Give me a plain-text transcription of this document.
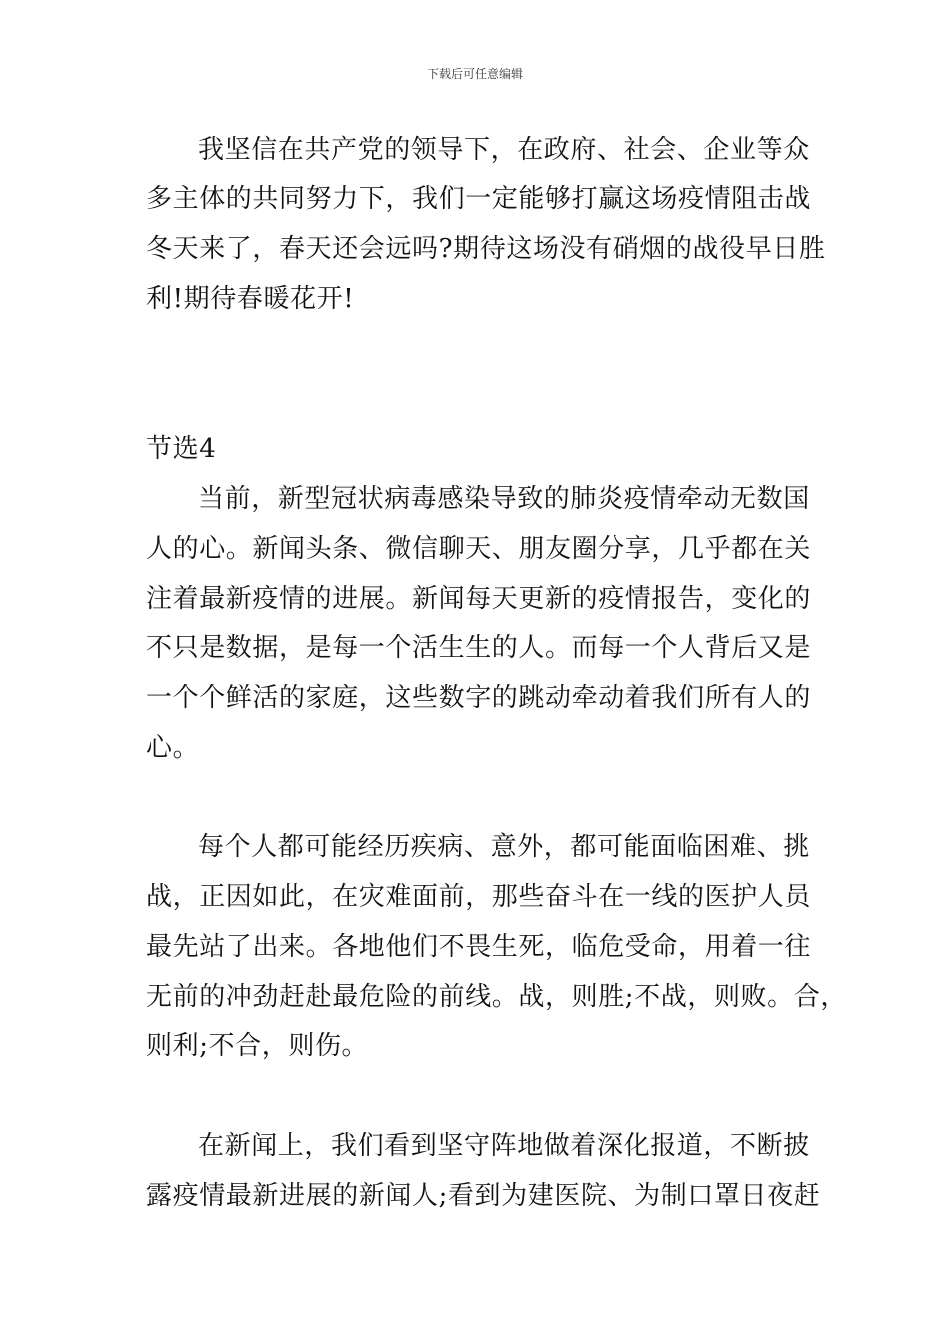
下载后可任意编辑
我坚信在共产党的领导下，在政府、社会、企业等众
多主体的共同努力下，我们一定能够打赢这场疫情阻击战
冬天来了，春天还会远吗?期待这场没有硝烟的战役早日胜
利!期待春暖花开!
节选4
当前，新型冠状病毒感染导致的肺炎疫情牵动无数国
人的心。新闻头条、微信聊天、朋友圈分享，几乎都在关
注着最新疫情的进展。新闻每天更新的疫情报告，变化的
不只是数据，是每一个活生生的人。而每一个人背后又是
一个个鲜活的家庭，这些数字的跳动牵动着我们所有人的
心。
每个人都可能经历疾病、意外，都可能面临困难、挑
战，正因如此，在灾难面前，那些奋斗在一线的医护人员
最先站了出来。各地他们不畏生死，临危受命，用着一往
无前的冲劲赶赴最危险的前线。战，则胜;不战，则败。合，
则利;不合，则伤。
在新闻上，我们看到坚守阵地做着深化报道，不断披
露疫情最新进展的新闻人;看到为建医院、为制口罩日夜赶
